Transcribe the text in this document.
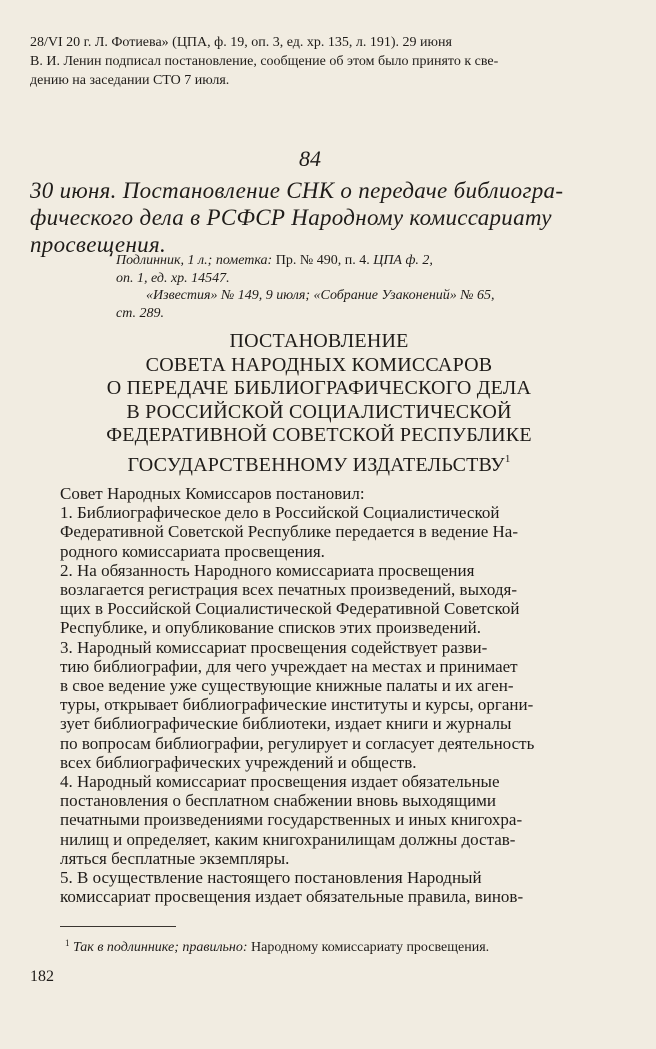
28/VI 20 г. Л. Фотиева» (ЦПА, ф. 19, оп. 3, ед. хр. 135, л. 191). 29 июня

В. И. Ленин подписал постановление, сообщение об этом было принято к све-

дению на заседании СТО 7 июля.

84

30 июня. Постановление СНК о передаче библиогра-

фического дела в РСФСР Народному комиссариату

просвещения.

Подлинник, 1 л.; пометка: Пр. № 490, п. 4. ЦПА ф. 2,

оп. 1, ед. хр. 14547.

«Известия» № 149, 9 июля; «Собрание Узаконений» № 65,

ст. 289.

ПОСТАНОВЛЕНИЕ

СОВЕТА НАРОДНЫХ КОМИССАРОВ

О ПЕРЕДАЧЕ БИБЛИОГРАФИЧЕСКОГО ДЕЛА

В РОССИЙСКОЙ СОЦИАЛИСТИЧЕСКОЙ

ФЕДЕРАТИВНОЙ СОВЕТСКОЙ РЕСПУБЛИКЕ

ГОСУДАРСТВЕННОМУ ИЗДАТЕЛЬСТВУ$^1$

Совет Народных Комиссаров постановил:

1. Библиографическое дело в Российской Социалистической
Федеративной Советской Республике передается в ведение На-
родного комиссариата просвещения.

2. На обязанность Народного комиссариата просвещения
возлагается регистрация всех печатных произведений, выходя-
щих в Российской Социалистической Федеративной Советской
Республике, и опубликование списков этих произведений.

3. Народный комиссариат просвещения содействует разви-
тию библиографии, для чего учреждает на местах и принимает
в свое ведение уже существующие книжные палаты и их аген-
туры, открывает библиографические институты и курсы, органи-
зует библиографические библиотеки, издает книги и журналы
по вопросам библиографии, регулирует и согласует деятельность
всех библиографических учреждений и обществ.

4. Народный комиссариат просвещения издает обязательные
постановления о бесплатном снабжении вновь выходящими
печатными произведениями государственных и иных книгохра-
нилищ и определяет, каким книгохранилищам должны достав-
ляться бесплатные экземпляры.

5. В осуществление настоящего постановления Народный
комиссариат просвещения издает обязательные правила, винов-

$^1$ Так в подлиннике; правильно: Народному комиссариату просвещения.

182
